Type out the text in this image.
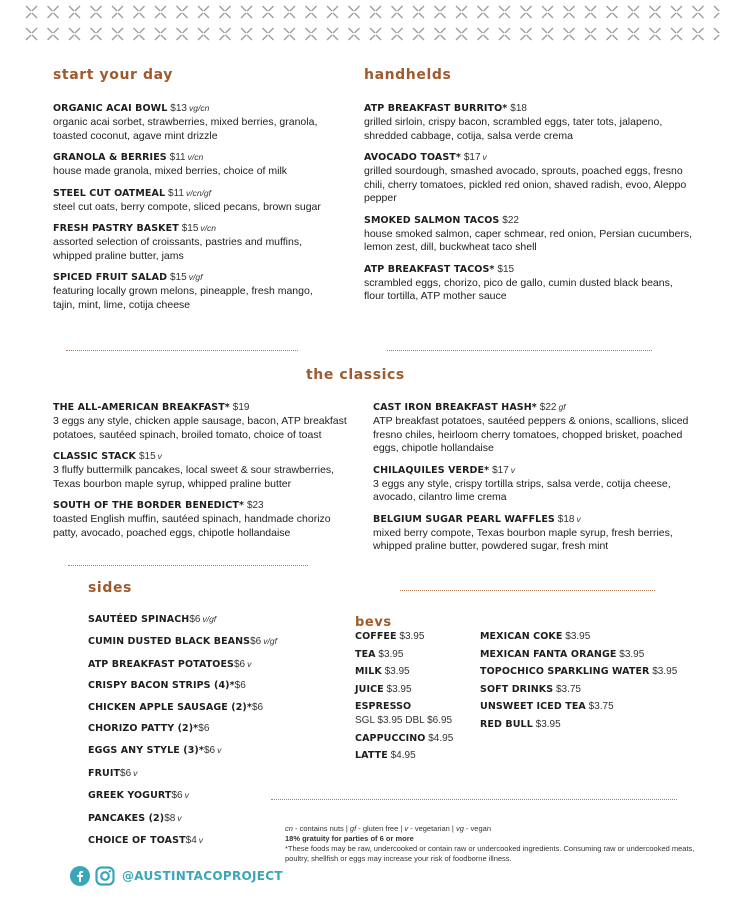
start your day
ORGANIC ACAI BOWL $13 vg/cn
organic acai sorbet, strawberries, mixed berries, granola, toasted coconut, agave mint drizzle
GRANOLA & BERRIES $11 v/cn
house made granola, mixed berries, choice of milk
STEEL CUT OATMEAL $11 v/cn/gf
steel cut oats, berry compote, sliced pecans, brown sugar
FRESH PASTRY BASKET $15 v/cn
assorted selection of croissants, pastries and muffins, whipped praline butter, jams
SPICED FRUIT SALAD $15 v/gf
featuring locally grown melons, pineapple, fresh mango, tajin, mint, lime, cotija cheese
handhelds
ATP BREAKFAST BURRITO* $18
grilled sirloin, crispy bacon, scrambled eggs, tater tots, jalapeno, shredded cabbage, cotija, salsa verde crema
AVOCADO TOAST* $17 v
grilled sourdough, smashed avocado, sprouts, poached eggs, fresno chili, cherry tomatoes, pickled red onion, shaved radish, evoo, Aleppo pepper
SMOKED SALMON TACOS $22
house smoked salmon, caper schmear, red onion, Persian cucumbers, lemon zest, dill, buckwheat taco shell
ATP BREAKFAST TACOS* $15
scrambled eggs, chorizo, pico de gallo, cumin dusted black beans, flour tortilla, ATP mother sauce
the classics
THE ALL-AMERICAN BREAKFAST* $19
3 eggs any style, chicken apple sausage, bacon, ATP breakfast potatoes, sautéed spinach, broiled tomato, choice of toast
CLASSIC STACK $15 v
3 fluffy buttermilk pancakes, local sweet & sour strawberries, Texas bourbon maple syrup, whipped praline butter
SOUTH OF THE BORDER BENEDICT* $23
toasted English muffin, sautéed spinach, handmade chorizo patty, avocado, poached eggs, chipotle hollandaise
CAST IRON BREAKFAST HASH* $22 gf
ATP breakfast potatoes, sautéed peppers & onions, scallions, sliced fresno chiles, heirloom cherry tomatoes, chopped brisket, poached eggs, chipotle hollandaise
CHILAQUILES VERDE* $17 v
3 eggs any style, crispy tortilla strips, salsa verde, cotija cheese, avocado, cilantro lime crema
BELGIUM SUGAR PEARL WAFFLES $18 v
mixed berry compote, Texas bourbon maple syrup, fresh berries, whipped praline butter, powdered sugar, fresh mint
sides
SAUTÉED SPINACH$6 v/gf
CUMIN DUSTED BLACK BEANS$6 v/gf
ATP BREAKFAST POTATOES$6 v
CRISPY BACON STRIPS (4)*$6
CHICKEN APPLE SAUSAGE (2)*$6
CHORIZO PATTY (2)*$6
EGGS ANY STYLE (3)*$6 v
FRUIT$6 v
GREEK YOGURT$6 v
PANCAKES (2)$8 v
CHOICE OF TOAST$4 v
bevs
COFFEE $3.95
TEA $3.95
MILK $3.95
JUICE $3.95
ESPRESSO
SGL $3.95 DBL $6.95
CAPPUCCINO $4.95
LATTE $4.95
MEXICAN COKE $3.95
MEXICAN FANTA ORANGE $3.95
TOPOCHICO SPARKLING WATER $3.95
SOFT DRINKS $3.75
UNSWEET ICED TEA $3.75
RED BULL $3.95
cn - contains nuts | gf - gluten free | v - vegetarian | vg - vegan
18% gratuity for parties of 6 or more
*These foods may be raw, undercooked or contain raw or undercooked ingredients. Consuming raw or undercooked meats, poultry, shellfish or eggs may increase your risk of foodborne illness.
@AUSTINTACOPROJECT
